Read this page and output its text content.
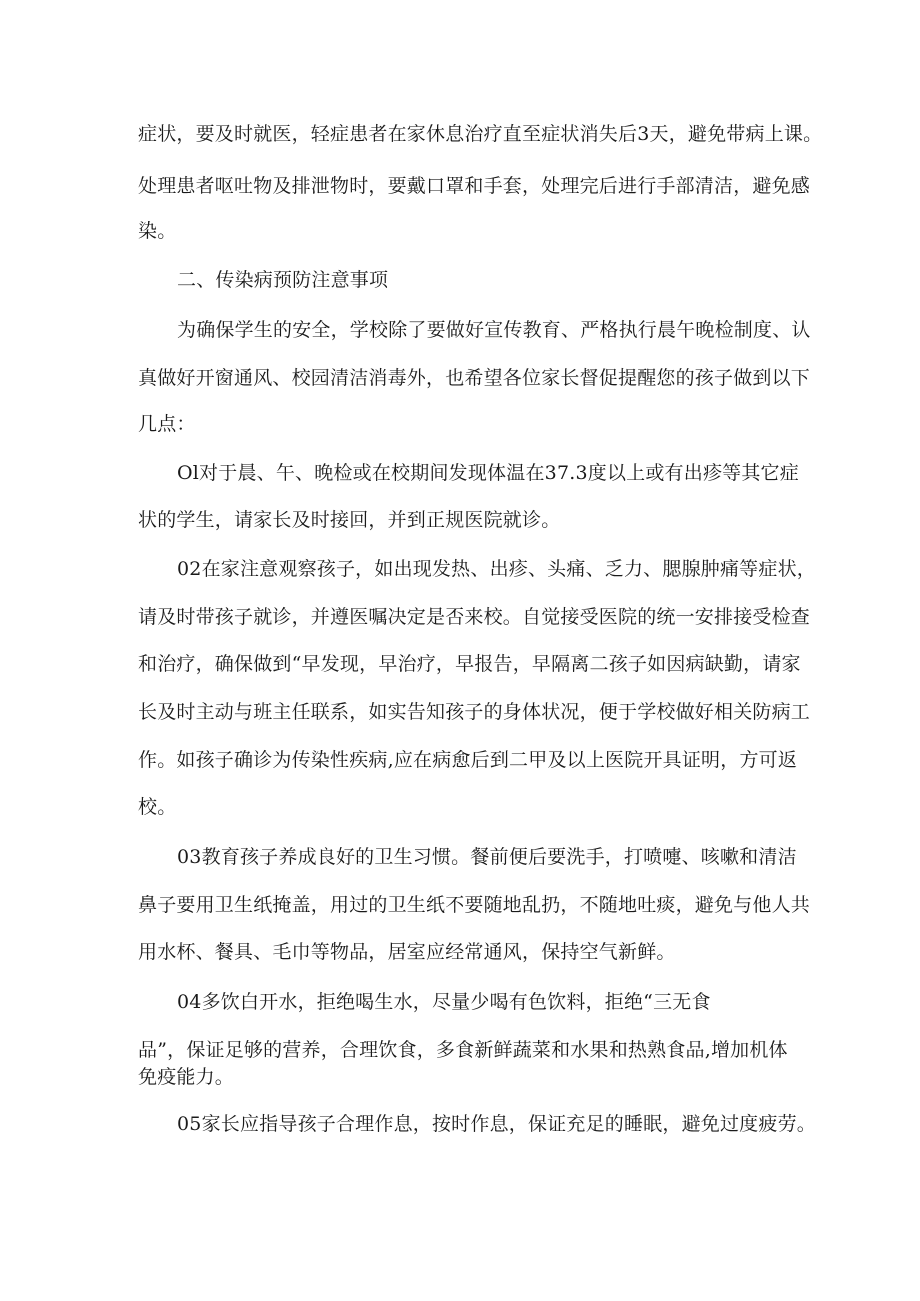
症状，要及时就医，轻症患者在家休息治疗直至症状消失后3天，避免带病上课。
处理患者呕吐物及排泄物时，要戴口罩和手套，处理完后进行手部清洁，避免感
染。
二、传染病预防注意事项
为确保学生的安全，学校除了要做好宣传教育、严格执行晨午晚检制度、认
真做好开窗通风、校园清洁消毒外，也希望各位家长督促提醒您的孩子做到以下
几点：
Ol对于晨、午、晚检或在校期间发现体温在37.3度以上或有出疹等其它症
状的学生，请家长及时接回，并到正规医院就诊。
02在家注意观察孩子，如出现发热、出疹、头痛、乏力、腮腺肿痛等症状，
请及时带孩子就诊，并遵医嘱决定是否来校。自觉接受医院的统一安排接受检查
和治疗，确保做到“早发现，早治疗，早报告，早隔离二孩子如因病缺勤，请家
长及时主动与班主任联系，如实告知孩子的身体状况，便于学校做好相关防病工
作。如孩子确诊为传染性疾病,应在病愈后到二甲及以上医院开具证明，方可返
校。
03教育孩子养成良好的卫生习惯。餐前便后要洗手，打喷嚏、咳嗽和清洁
鼻子要用卫生纸掩盖，用过的卫生纸不要随地乱扔，不随地吐痰，避免与他人共
用水杯、餐具、毛巾等物品，居室应经常通风，保持空气新鲜。
04多饮白开水，拒绝喝生水，尽量少喝有色饮料，拒绝“三无食
品”，保证足够的营养，合理饮食，多食新鲜蔬菜和水果和热熟食品,增加机体
免疫能力。
05家长应指导孩子合理作息，按时作息，保证充足的睡眠，避免过度疲劳。
